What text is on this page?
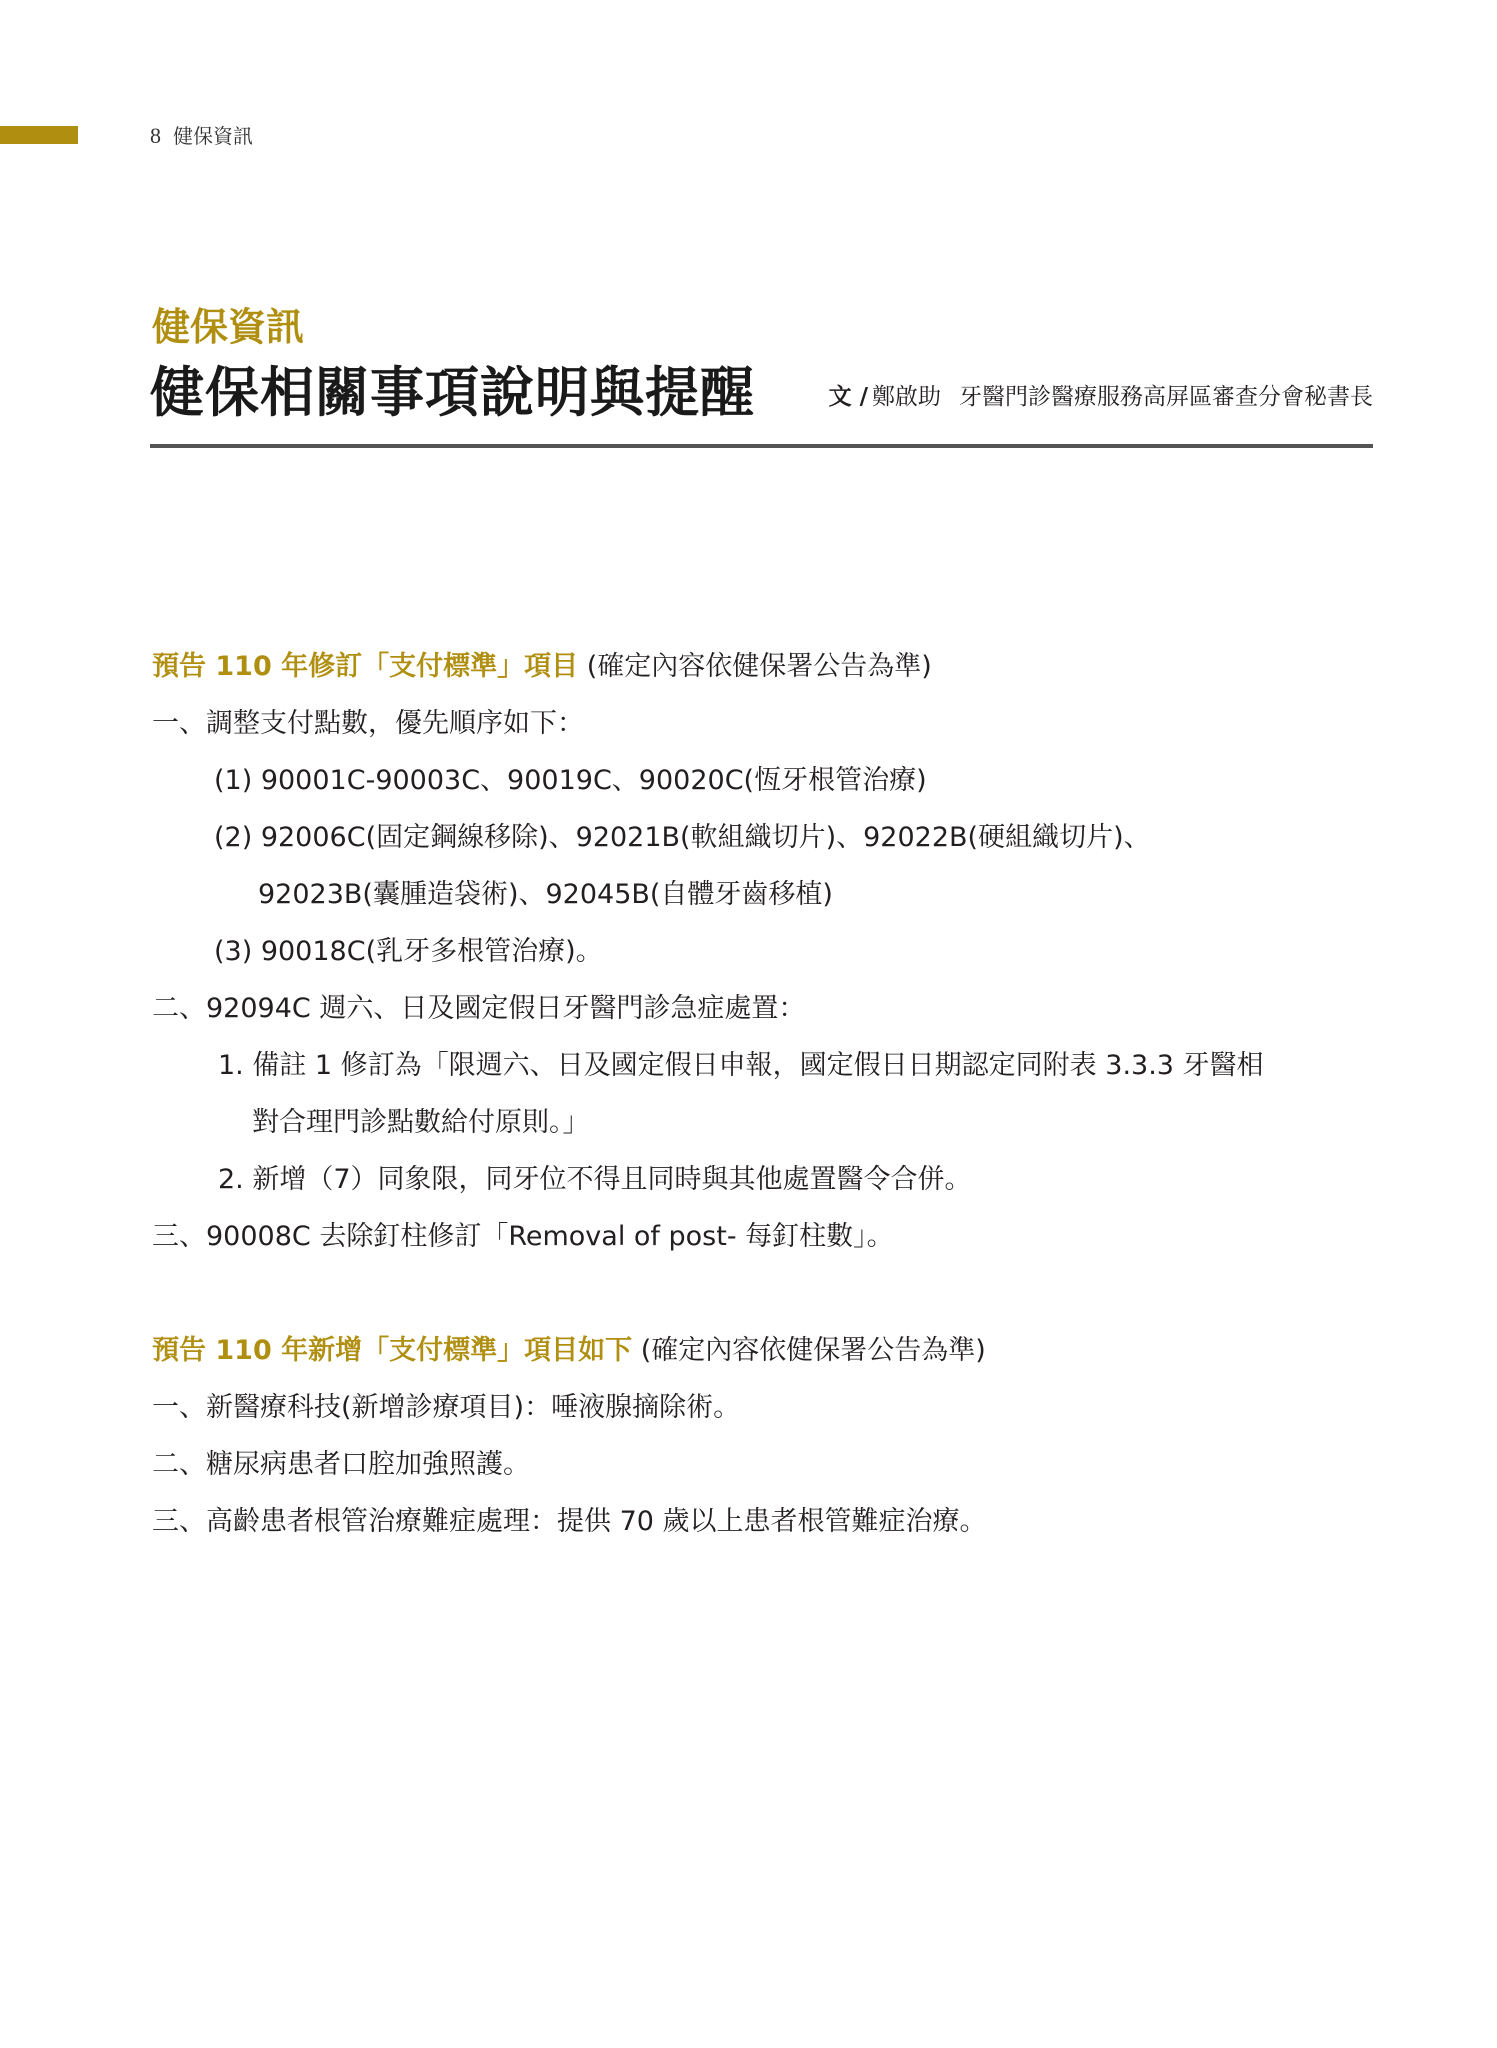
8 健保資訊
健保資訊
健保相關事項說明與提醒	文 / 鄭啟助 牙醫門診醫療服務高屏區審查分會秘書長
預告 110 年修訂「支付標準」項目 (確定內容依健保署公告為準)
一、調整支付點數，優先順序如下：
(1) 90001C-90003C、90019C、90020C(恆牙根管治療)
(2) 92006C(固定鋼線移除)、92021B(軟組織切片)、92022B(硬組織切片)、
92023B(囊腫造袋術)、92045B(自體牙齒移植)
(3) 90018C(乳牙多根管治療)。
二、92094C 週六、日及國定假日牙醫門診急症處置：
1. 備註 1 修訂為「限週六、日及國定假日申報，國定假日日期認定同附表 3.3.3 牙醫相
對合理門診點數給付原則。」
2. 新增（7）同象限，同牙位不得且同時與其他處置醫令合併。
三、90008C 去除釘柱修訂「Removal of post- 每釘柱數」。
預告 110 年新增「支付標準」項目如下 (確定內容依健保署公告為準)
一、新醫療科技(新增診療項目)：唾液腺摘除術。
二、糖尿病患者口腔加強照護。
三、高齡患者根管治療難症處理：提供 70 歲以上患者根管難症治療。
